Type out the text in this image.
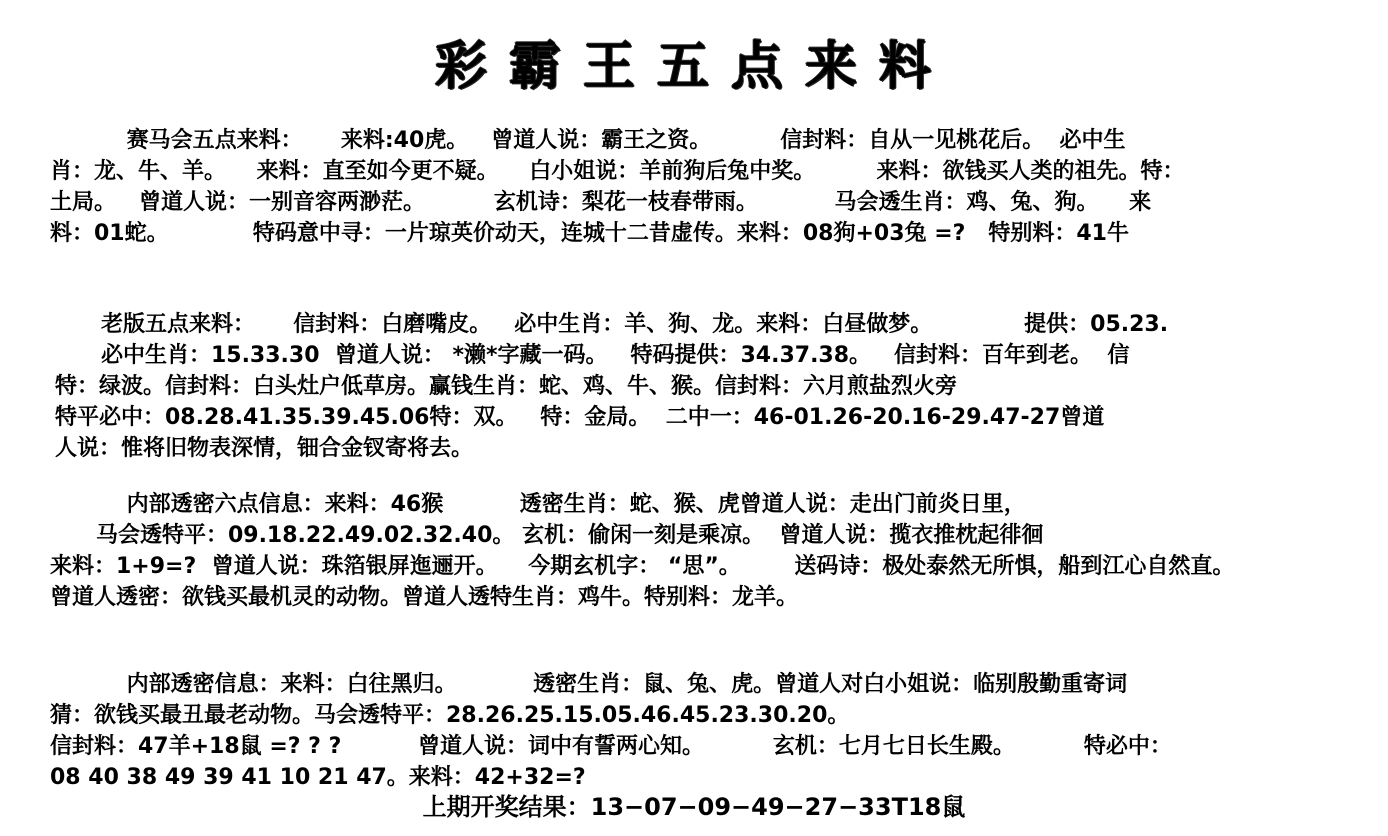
彩霸王五点来料
赛马会五点来料：     来料:40虎。   曾道人说：霸王之资。         信封料：自从一见桃花后。  必中生
肖：龙、牛、羊。    来料：直至如今更不疑。    白小姐说：羊前狗后兔中奖。        来料：欲钱买人类的祖先。特：
土局。   曾道人说：一别音容两渺茫。         玄机诗：梨花一枝春带雨。          马会透生肖：鸡、兔、狗。    来
料：01蛇。           特码意中寻：一片琼英价动天，连城十二昔虚传。来料：08狗+03兔 =?   特别料：41牛
老版五点来料：     信封料：白磨嘴皮。   必中生肖：羊、狗、龙。来料：白昼做梦。            提供：05.23.
必中生肖：15.33.30  曾道人说： *濑*字藏一码。   特码提供：34.37.38。   信封料：百年到老。  信
特：绿波。信封料：白头灶户低草房。赢钱生肖：蛇、鸡、牛、猴。信封料：六月煎盐烈火旁
特平必中：08.28.41.35.39.45.06特：双。   特：金局。  二中一：46-01.26-20.16-29.47-27曾道
人说：惟将旧物表深情，钿合金钗寄将去。
内部透密六点信息：来料：46猴          透密生肖：蛇、猴、虎曾道人说：走出门前炎日里，
马会透特平：09.18.22.49.02.32.40。 玄机：偷闲一刻是乘凉。  曾道人说：揽衣推枕起徘徊
来料：1+9=?  曾道人说：珠箔银屏迤逦开。    今期玄机字： “思”。       送码诗：极处泰然无所惧，船到江心自然直。
曾道人透密：欲钱买最机灵的动物。曾道人透特生肖：鸡牛。特别料：龙羊。
内部透密信息：来料：白往黑归。          透密生肖：鼠、兔、虎。曾道人对白小姐说：临别殷勤重寄词
猜：欲钱买最丑最老动物。马会透特平：28.26.25.15.05.46.45.23.30.20。
信封料：47羊+18鼠 =? ? ?          曾道人说：词中有誓两心知。         玄机：七月七日长生殿。         特必中：
08 40 38 49 39 41 10 21 47。来料：42+32=?
上期开奖结果：13−07−09−49−27−33T18鼠
